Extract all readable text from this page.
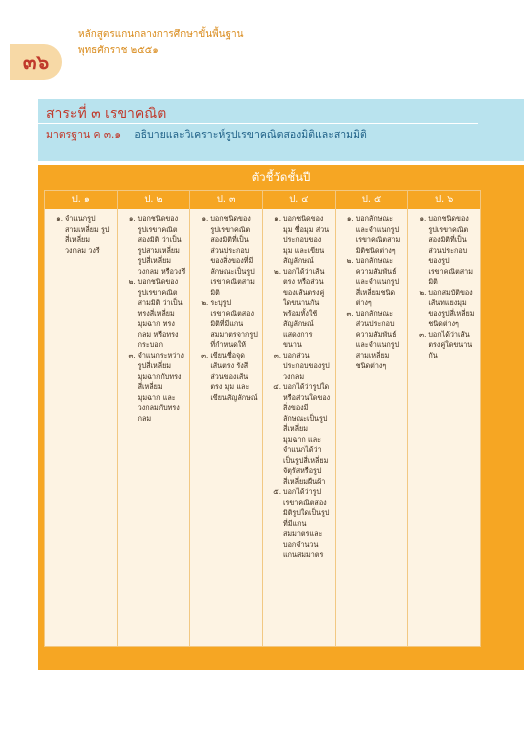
๓๖
หลักสูตรแกนกลางการศึกษาขั้นพื้นฐาน
พุทธศักราช ๒๕๕๑
สาระที่ ๓ เรขาคณิต
มาตรฐาน ค ๓.๑ อธิบายและวิเคราะห์รูปเรขาคณิตสองมิติและสามมิติ
ตัวชี้วัดชั้นปี
ป. ๑
๑. จำแนกรูปสามเหลี่ยม รูปสี่เหลี่ยม วงกลม วงรี
ป. ๒
๑. บอกชนิดของรูปเรขาคณิตสองมิติ ว่าเป็นรูปสามเหลี่ยม รูปสี่เหลี่ยม วงกลม หรือวงรี
๒. บอกชนิดของรูปเรขาคณิตสามมิติ ว่าเป็นทรงสี่เหลี่ยมมุมฉาก ทรงกลม หรือทรงกระบอก
๓. จำแนกระหว่างรูปสี่เหลี่ยมมุมฉากกับทรงสี่เหลี่ยมมุมฉาก และวงกลมกับทรงกลม
ป. ๓
๑. บอกชนิดของรูปเรขาคณิตสองมิติที่เป็นส่วนประกอบของสิ่งของที่มีลักษณะเป็นรูปเรขาคณิตสามมิติ
๒. ระบุรูปเรขาคณิตสองมิติที่มีแกนสมมาตรจากรูปที่กำหนดให้
๓. เขียนชื่อจุด เส้นตรง รังสี ส่วนของเส้นตรง มุม และเขียนสัญลักษณ์
ป. ๔
๑. บอกชนิดของมุม ชื่อมุม ส่วนประกอบของมุม และเขียนสัญลักษณ์
๒. บอกได้ว่าเส้นตรง หรือส่วนของเส้นตรงคู่ใดขนานกันพร้อมทั้งใช้สัญลักษณ์แสดงการขนาน
๓. บอกส่วนประกอบของรูปวงกลม
๔. บอกได้ว่ารูปใดหรือส่วนใดของสิ่งของมีลักษณะเป็นรูปสี่เหลี่ยมมุมฉาก และจำแนกได้ว่าเป็นรูปสี่เหลี่ยมจัตุรัสหรือรูปสี่เหลี่ยมผืนผ้า
๕. บอกได้ว่ารูปเรขาคณิตสองมิติรูปใดเป็นรูปที่มีแกนสมมาตรและบอกจำนวนแกนสมมาตร
ป. ๕
๑. บอกลักษณะและจำแนกรูปเรขาคณิตสามมิติชนิดต่างๆ
๒. บอกลักษณะความสัมพันธ์และจำแนกรูปสี่เหลี่ยมชนิดต่างๆ
๓. บอกลักษณะส่วนประกอบความสัมพันธ์และจำแนกรูปสามเหลี่ยมชนิดต่างๆ
ป. ๖
๑. บอกชนิดของรูปเรขาคณิตสองมิติที่เป็นส่วนประกอบของรูปเรขาคณิตสามมิติ
๒. บอกสมบัติของเส้นทแยงมุมของรูปสี่เหลี่ยมชนิดต่างๆ
๓. บอกได้ว่าเส้นตรงคู่ใดขนานกัน
